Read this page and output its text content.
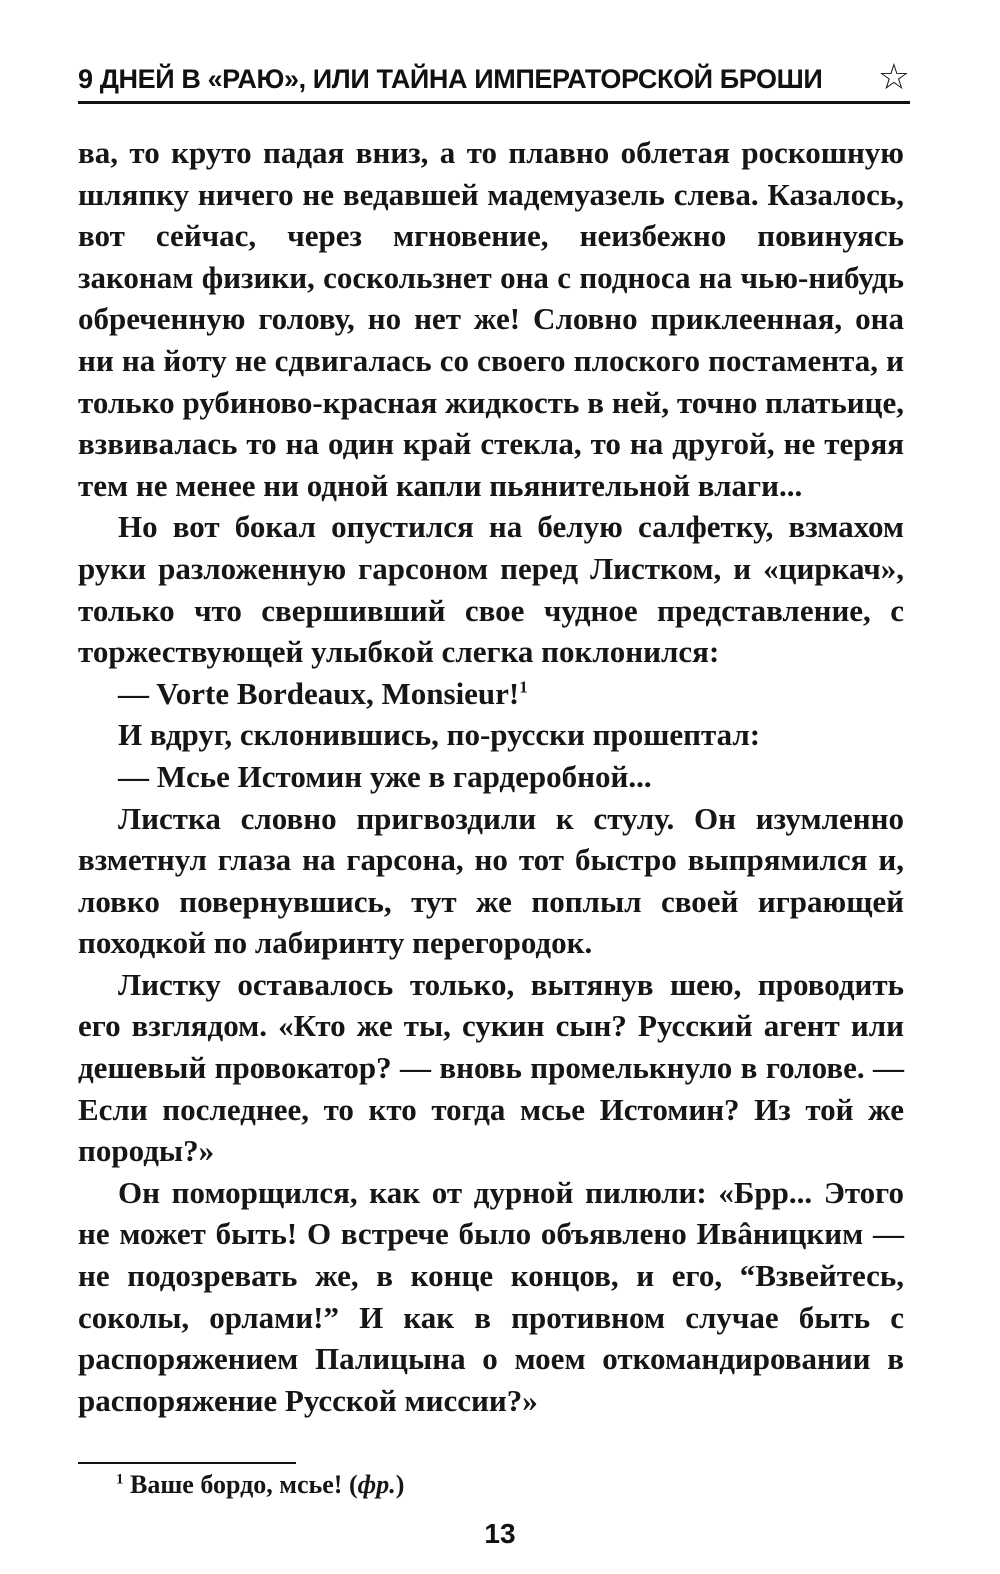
9 ДНЕЙ В «РАЮ», ИЛИ ТАЙНА ИМПЕРАТОРСКОЙ БРОШИ ☆

ва, то круто падая вниз, а то плавно облетая роскошную шляпку ничего не ведавшей мадемуазель слева. Казалось, вот сейчас, через мгновение, неизбежно повинуясь законам физики, соскользнет она с подноса на чью-нибудь обреченную голову, но нет же! Словно приклеенная, она ни на йоту не сдвигалась со своего плоского постамента, и только рубиново-красная жидкость в ней, точно платьице, взвивалась то на один край стекла, то на другой, не теряя тем не менее ни одной капли пьянительной влаги...

Но вот бокал опустился на белую салфетку, взмахом руки разложенную гарсоном перед Листком, и «циркач», только что свершивший свое чудное представление, с торжествующей улыбкой слегка поклонился:

— Vorte Bordeaux, Monsieur!$^1$

И вдруг, склонившись, по-русски прошептал:

— Мсье Истомин уже в гардеробной...

Листка словно пригвоздили к стулу. Он изумленно взметнул глаза на гарсона, но тот быстро выпрямился и, ловко повернувшись, тут же поплыл своей играющей походкой по лабиринту перегородок.

Листку оставалось только, вытянув шею, проводить его взглядом. «Кто же ты, сукин сын? Русский агент или дешевый провокатор? — вновь промелькнуло в голове. — Если последнее, то кто тогда мсье Истомин? Из той же породы?»

Он поморщился, как от дурной пилюли: «Брр... Этого не может быть! О встрече было объявлено Ивâницким — не подозревать же, в конце концов, и его, “Взвейтесь, соколы, орлами!” И как в противном случае быть с распоряжением Палицына о моем откомандировании в распоряжение Русской миссии?»

$^1$ Ваше бордо, мсье! (фр.)
13
